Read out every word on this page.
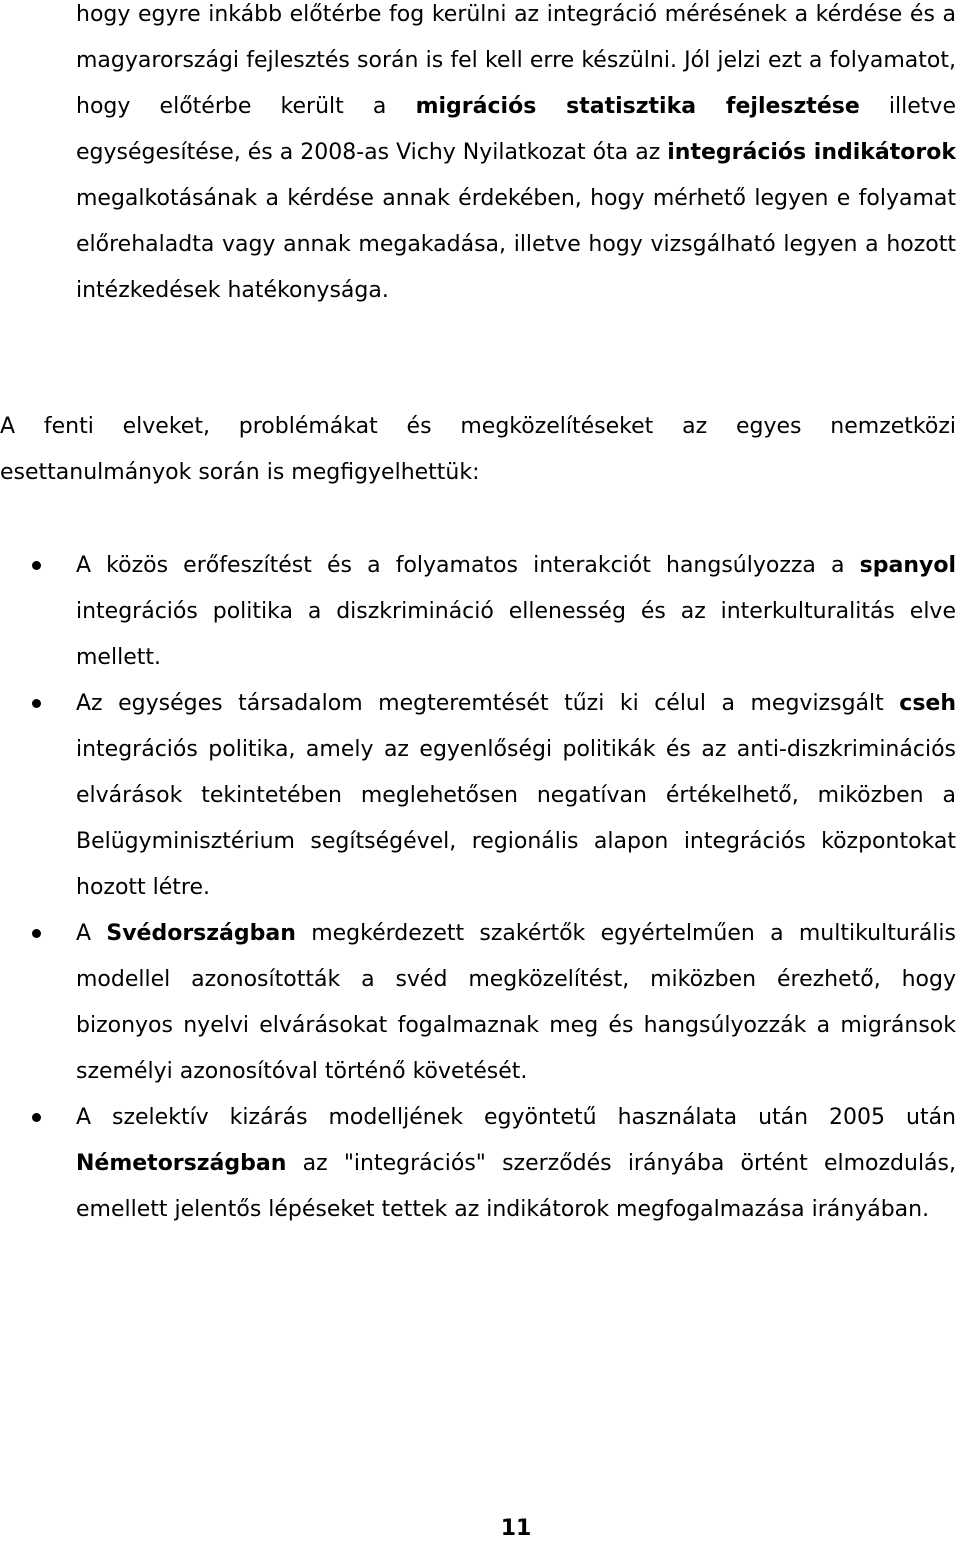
hogy egyre inkább előtérbe fog kerülni az integráció mérésének a kérdése és a magyarországi fejlesztés során is fel kell erre készülni. Jól jelzi ezt a folyamatot, hogy előtérbe került a migrációs statisztika fejlesztése illetve egységesítése, és a 2008-as Vichy Nyilatkozat óta az integrációs indikátorok megalkotásának a kérdése annak érdekében, hogy mérhető legyen e folyamat előrehaladta vagy annak megakadása, illetve hogy vizsgálható legyen a hozott intézkedések hatékonysága.

A fenti elveket, problémákat és megközelítéseket az egyes nemzetközi esettanulmányok során is megfigyelhettük:

A közös erőfeszítést és a folyamatos interakciót hangsúlyozza a spanyol integrációs politika a diszkrimináció ellenesség és az interkulturalitás elve mellett.

Az egységes társadalom megteremtését tűzi ki célul a megvizsgált cseh integrációs politika, amely az egyenlőségi politikák és az anti-diszkriminációs elvárások tekintetében meglehetősen negatívan értékelhető, miközben a Belügyminisztérium segítségével, regionális alapon integrációs központokat hozott létre.

A Svédországban megkérdezett szakértők egyértelműen a multikulturális modellel azonosították a svéd megközelítést, miközben érezhető, hogy bizonyos nyelvi elvárásokat fogalmaznak meg és hangsúlyozzák a migránsok személyi azonosítóval történő követését.

A szelektív kizárás modelljének egyöntetű használata után 2005 után Németországban az "integrációs" szerződés irányába örtént elmozdulás, emellett jelentős lépéseket tettek az indikátorok megfogalmazása irányában.

11
